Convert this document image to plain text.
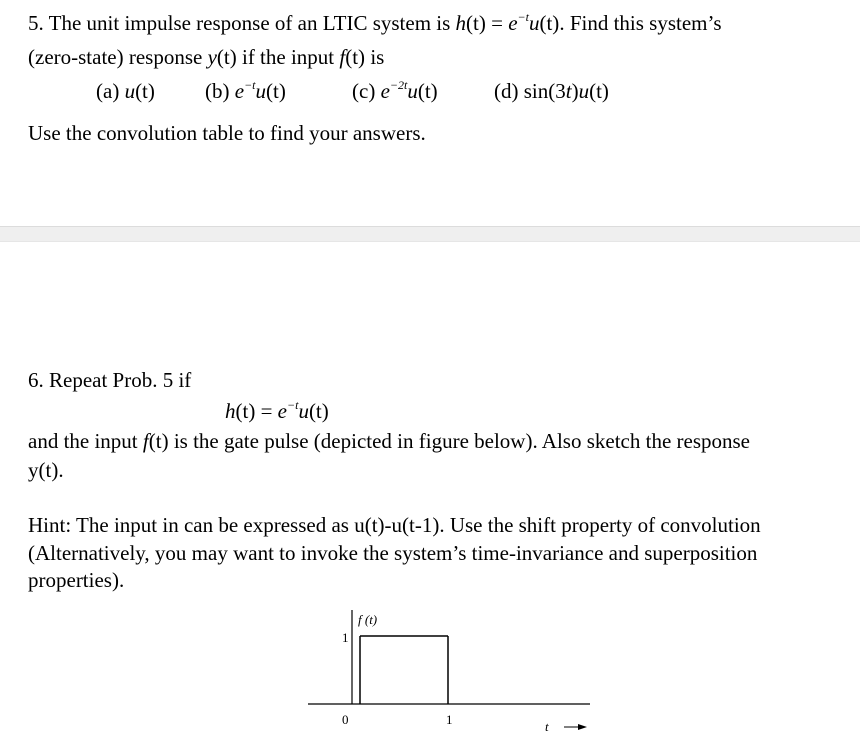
5. The unit impulse response of an LTIC system is $h(t) = e^{-t}u(t)$. Find this system’s
(zero-state) response y(t) if the input f(t) is
(a) u(t) (b) $e^{-t}u(t)$	(c) $e^{-2t}u(t)$	(d) sin(3t)u(t)
Use the convolution table to find your answers.
6. Repeat Prob. 5 if
$h(t) = e^{-t}u(t)$
and the input f(t) is the gate pulse (depicted in figure below). Also sketch the response
y(t).
Hint: The input in can be expressed as u(t)-u(t-1). Use the shift property of convolution
(Alternatively, you may want to invoke the system’s time-invariance and superposition
properties).
f (t)
1
0	1	t
